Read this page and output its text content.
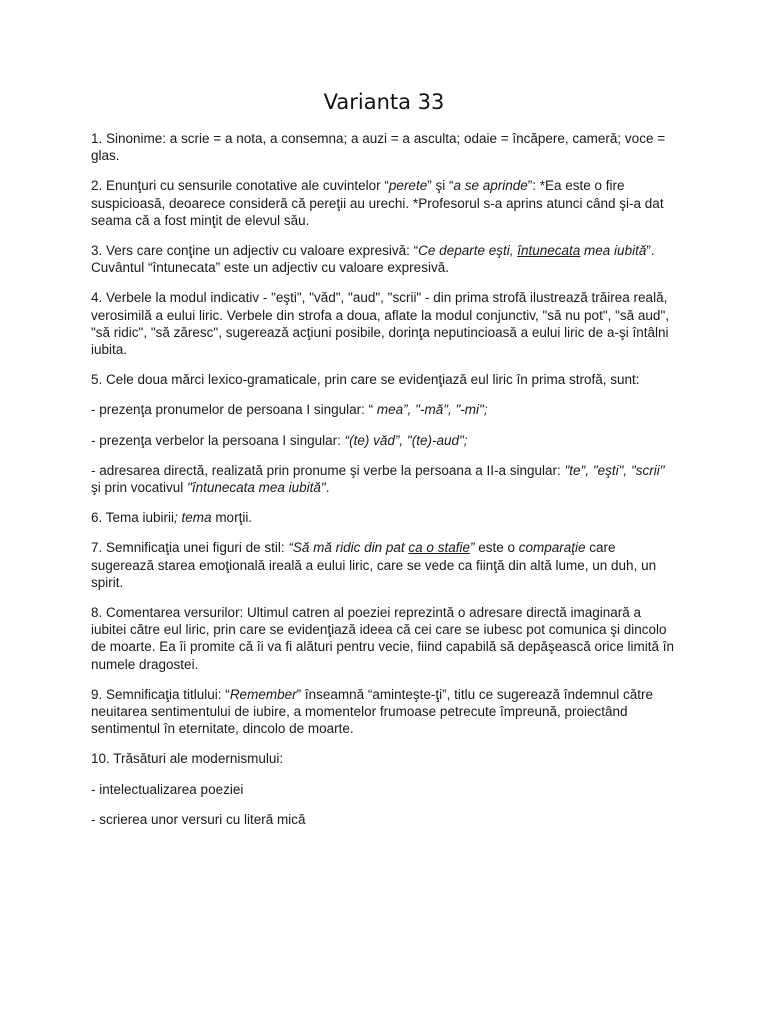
Varianta 33

1. Sinonime: a scrie = a nota, a consemna; a auzi = a asculta; odaie = încăpere, cameră; voce = glas.

2. Enunţuri cu sensurile conotative ale cuvintelor “perete” şi “a se aprinde”: *Ea este o fire suspicioasă, deoarece consideră că pereţii au urechi. *Profesorul s-a aprins atunci când şi-a dat seama că a fost minţit de elevul său.

3. Vers care conţine un adjectiv cu valoare expresivă: “Ce departe eşti, întunecata mea iubită”. Cuvântul “întunecata” este un adjectiv cu valoare expresivă.

4. Verbele la modul indicativ - "eşti", "văd", "aud", "scrii" - din prima strofă ilustrează trăirea reală, verosimilă a eului liric. Verbele din strofa a doua, aflate la modul conjunctiv, "să nu pot", "să aud", "să ridic", "să zăresc", sugerează acţiuni posibile, dorinţa neputincioasă a eului liric de a-şi întâlni iubita.

5. Cele doua mărci lexico-gramaticale, prin care se evidenţiază eul liric în prima strofă, sunt:

- prezenţa pronumelor de persoana I singular: “ mea”, "-mă", "-mi";

- prezenţa verbelor la persoana I singular: “(te) văd”, "(te)-aud";

- adresarea directă, realizată prin pronume şi verbe la persoana a II-a singular: "te", "eşti", "scrii" şi prin vocativul "întunecata mea iubită".

6. Tema iubirii; tema morţii.

7. Semnificaţia unei figuri de stil: “Să mă ridic din pat ca o stafie” este o comparaţie care sugerează starea emoţională ireală a eului liric, care se vede ca fiinţă din altă lume, un duh, un spirit.

8. Comentarea versurilor: Ultimul catren al poeziei reprezintă o adresare directă imaginară a iubitei către eul liric, prin care se evidenţiază ideea că cei care se iubesc pot comunica şi dincolo de moarte. Ea îi promite că îi va fi alături pentru vecie, fiind capabilă să depăşească orice limită în numele dragostei.

9. Semnificaţia titlului: “Remember” înseamnă “aminteşte-ţi”, titlu ce sugerează îndemnul către neuitarea sentimentului de iubire, a momentelor frumoase petrecute împreună, proiectând sentimentul în eternitate, dincolo de moarte.

10. Trăsături ale modernismului:

- intelectualizarea poeziei

- scrierea unor versuri cu literă mică
